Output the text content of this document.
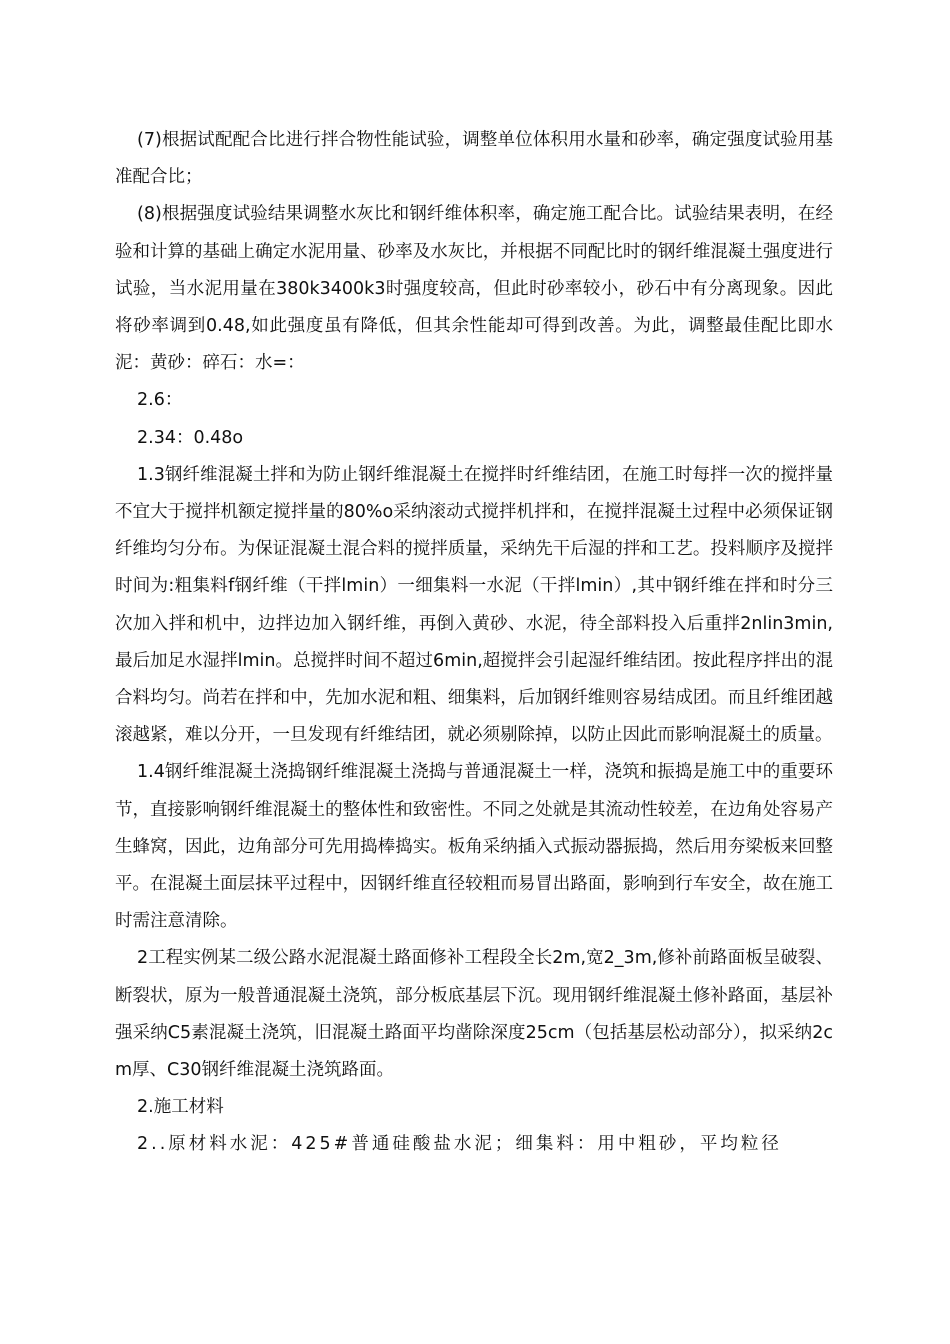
(7)根据试配配合比进行拌合物性能试验，调整单位体积用水量和砂率，确定强度试验用基准配合比；

(8)根据强度试验结果调整水灰比和钢纤维体积率，确定施工配合比。试验结果表明，在经验和计算的基础上确定水泥用量、砂率及水灰比，并根据不同配比时的钢纤维混凝土强度进行试验，当水泥用量在380k3400k3时强度较高，但此时砂率较小，砂石中有分离现象。因此将砂率调到0.48,如此强度虽有降低，但其余性能却可得到改善。为此，调整最佳配比即水泥：黄砂：碎石：水=：

2.6：

2.34：0.48o

1.3钢纤维混凝土拌和为防止钢纤维混凝土在搅拌时纤维结团，在施工时每拌一次的搅拌量不宜大于搅拌机额定搅拌量的80%o采纳滚动式搅拌机拌和，在搅拌混凝土过程中必须保证钢纤维均匀分布。为保证混凝土混合料的搅拌质量，采纳先干后湿的拌和工艺。投料顺序及搅拌时间为:粗集料f钢纤维（干拌lmin）一细集料一水泥（干拌lmin）,其中钢纤维在拌和时分三次加入拌和机中，边拌边加入钢纤维，再倒入黄砂、水泥，待全部料投入后重拌2nlin3min,最后加足水湿拌lmin。总搅拌时间不超过6min,超搅拌会引起湿纤维结团。按此程序拌出的混合料均匀。尚若在拌和中，先加水泥和粗、细集料，后加钢纤维则容易结成团。而且纤维团越滚越紧，难以分开，一旦发现有纤维结团，就必须剔除掉，以防止因此而影响混凝土的质量。

1.4钢纤维混凝土浇捣钢纤维混凝土浇捣与普通混凝土一样，浇筑和振捣是施工中的重要环节，直接影响钢纤维混凝土的整体性和致密性。不同之处就是其流动性较差，在边角处容易产生蜂窝，因此，边角部分可先用捣棒捣实。板角采纳插入式振动器振捣，然后用夯梁板来回整平。在混凝土面层抹平过程中，因钢纤维直径较粗而易冒出路面，影响到行车安全，故在施工时需注意清除。

2工程实例某二级公路水泥混凝土路面修补工程段全长2m,宽2_3m,修补前路面板呈破裂、断裂状，原为一般普通混凝土浇筑，部分板底基层下沉。现用钢纤维混凝土修补路面，基层补强采纳C5素混凝土浇筑，旧混凝土路面平均凿除深度25cm（包括基层松动部分），拟采纳2cm厚、C30钢纤维混凝土浇筑路面。

2.施工材料

2..原材料水泥：425#普通硅酸盐水泥；细集料：用中粗砂，平均粒径
